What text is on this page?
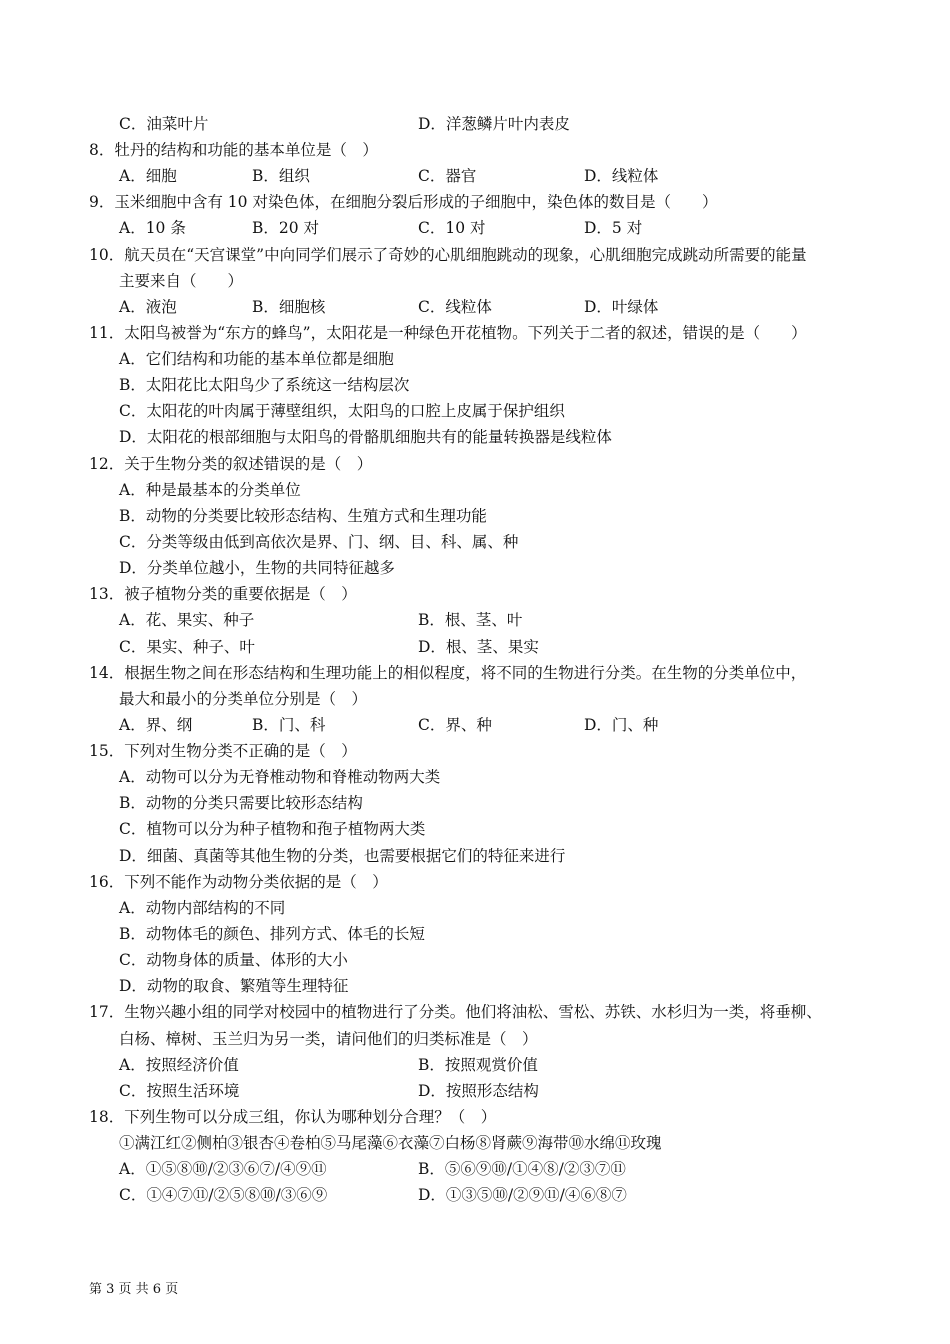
C．油菜叶片	D．洋葱鳞片叶内表皮
8．牡丹的结构和功能的基本单位是（　）
A．细胞	B．组织	C．器官	D．线粒体
9．玉米细胞中含有 10 对染色体，在细胞分裂后形成的子细胞中，染色体的数目是（　　）
A．10 条	B．20 对	C．10 对	D．5 对
10．航天员在“天宫课堂”中向同学们展示了奇妙的心肌细胞跳动的现象，心肌细胞完成跳动所需要的能量
主要来自（　　）
A．液泡	B．细胞核	C．线粒体	D．叶绿体
11．太阳鸟被誉为“东方的蜂鸟”，太阳花是一种绿色开花植物。下列关于二者的叙述，错误的是（　　）
A．它们结构和功能的基本单位都是细胞
B．太阳花比太阳鸟少了系统这一结构层次
C．太阳花的叶肉属于薄壁组织，太阳鸟的口腔上皮属于保护组织
D．太阳花的根部细胞与太阳鸟的骨骼肌细胞共有的能量转换器是线粒体
12．关于生物分类的叙述错误的是（　）
A．种是最基本的分类单位
B．动物的分类要比较形态结构、生殖方式和生理功能
C．分类等级由低到高依次是界、门、纲、目、科、属、种
D．分类单位越小，生物的共同特征越多
13．被子植物分类的重要依据是（　）
A．花、果实、种子	B．根、茎、叶
C．果实、种子、叶	D．根、茎、果实
14．根据生物之间在形态结构和生理功能上的相似程度，将不同的生物进行分类。在生物的分类单位中，
最大和最小的分类单位分别是（　）
A．界、纲	B．门、科	C．界、种	D．门、种
15．下列对生物分类不正确的是（　）
A．动物可以分为无脊椎动物和脊椎动物两大类
B．动物的分类只需要比较形态结构
C．植物可以分为种子植物和孢子植物两大类
D．细菌、真菌等其他生物的分类，也需要根据它们的特征来进行
16．下列不能作为动物分类依据的是（　）
A．动物内部结构的不同
B．动物体毛的颜色、排列方式、体毛的长短
C．动物身体的质量、体形的大小
D．动物的取食、繁殖等生理特征
17．生物兴趣小组的同学对校园中的植物进行了分类。他们将油松、雪松、苏铁、水杉归为一类，将垂柳、
白杨、樟树、玉兰归为另一类，请问他们的归类标准是（　）
A．按照经济价值	B．按照观赏价值
C．按照生活环境	D．按照形态结构
18．下列生物可以分成三组，你认为哪种划分合理？（　）
①满江红②侧柏③银杏④卷柏⑤马尾藻⑥衣藻⑦白杨⑧肾蕨⑨海带⑩水绵⑪玫瑰
A．①⑤⑧⑩/②③⑥⑦/④⑨⑪	B．⑤⑥⑨⑩/①④⑧/②③⑦⑪
C．①④⑦⑪/②⑤⑧⑩/③⑥⑨	D．①③⑤⑩/②⑨⑪/④⑥⑧⑦
第 3 页 共 6 页
